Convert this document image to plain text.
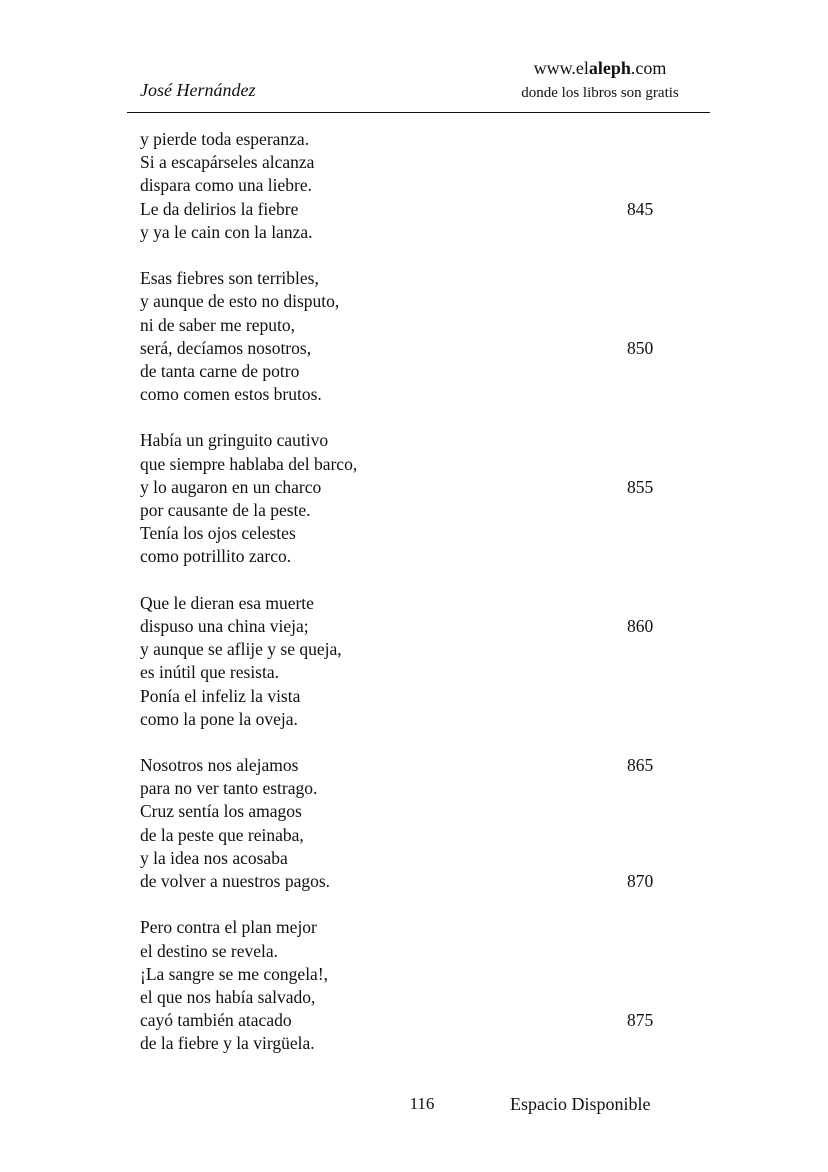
José Hernández
www.elaleph.com
donde los libros son gratis
y pierde toda esperanza.
Si a escapárseles alcanza
dispara como una liebre.
Le da delirios la fiebre	845
y ya le cain con la lanza.
Esas fiebres son terribles,
y aunque de esto no disputo,
ni de saber me reputo,
será, decíamos nosotros,	850
de tanta carne de potro
como comen estos brutos.
Había un gringuito cautivo
que siempre hablaba del barco,
y lo augaron en un charco	855
por causante de la peste.
Tenía los ojos celestes
como potrillito zarco.
Que le dieran esa muerte
dispuso una china vieja;	860
y aunque se aflije y se queja,
es inútil que resista.
Ponía el infeliz la vista
como la pone la oveja.
Nosotros nos alejamos	865
para no ver tanto estrago.
Cruz sentía los amagos
de la peste que reinaba,
y la idea nos acosaba
de volver a nuestros pagos.	870
Pero contra el plan mejor
el destino se revela.
¡La sangre se me congela!,
el que nos había salvado,
cayó también atacado	875
de la fiebre y la virgüela.
116	Espacio Disponible
